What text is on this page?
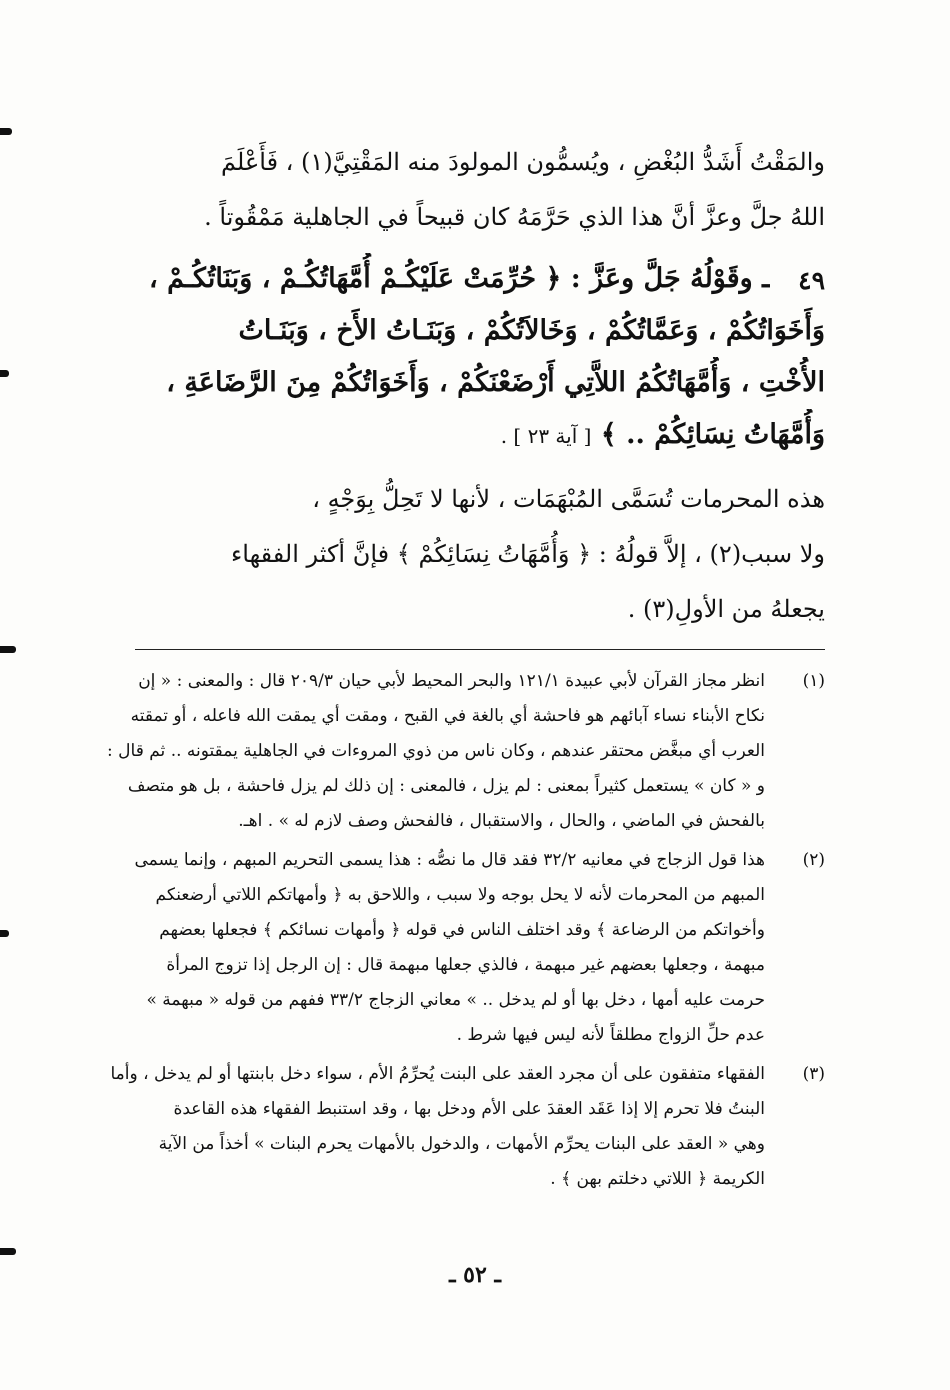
والمَقْتُ أَشَدُّ البُغْضِ ، ويُسمُّون المولودَ منه المَقْتِيَّ(١) ، فَأَعْلَمَ

اللهُ جلَّ وعزَّ أنَّ هذا الذي حَرَّمَهُ كان قبيحاً في الجاهلية مَمْقُوتاً .

٤٩

ـ وقَوْلُهُ جَلَّ وعَزَّ : ﴿ حُرِّمَتْ عَلَيْكُـمْ أُمَّهَاتُكُـمْ ، وَبَنَاتُكُـمْ ،

وَأَخَوَاتُكُمْ ، وَعَمَّاتُكُمْ ، وَخَالاَتُكُمْ ، وَبَنَـاتُ الأَخ ، وَبَنَـاتُ

الأُخْتِ ، وَأُمَّهَاتُكُمُ اللاَّتِي أَرْضَعْنَكُمْ ، وَأَخَوَاتُكُمْ مِنَ الرَّضَاعَةِ ،

وَأُمَّهَاتُ نِسَائِكُمْ .. ﴾ [ آية ٢٣ ] .

هذه المحرمات تُسَمَّى المُبْهَمَات ، لأنها لا تَحِلُّ بِوَجْهٍ ،

ولا سبب(٢) ، إلاَّ قولُهُ : ﴿ وَأُمَّهَاتُ نِسَائِكُمْ ﴾ فإنَّ أكثر الفقهاء

يجعلهُ من الأولِ(٣) .

(١)

انظر مجاز القرآن لأبي عبيدة ١٢١/١ والبحر المحيط لأبي حيان ٢٠٩/٣ قال : والمعنى : « إن

نكاح الأبناء نساء آبائهم هو فاحشة أي بالغة في القبح ، ومقت أي يمقت الله فاعله ، أو تمقته

العرب أي مبغَّض محتقر عندهم ، وكان ناس من ذوي المروءات في الجاهلية يمقتونه .. ثم قال :

و « كان » يستعمل كثيراً بمعنى : لم يزل ، فالمعنى : إن ذلك لم يزل فاحشة ، بل هو متصف

بالفحش في الماضي ، والحال ، والاستقبال ، فالفحش وصف لازم له » . اهـ.

(٢)

هذا قول الزجاج في معانيه ٣٢/٢ فقد قال ما نصُّه : هذا يسمى التحريم المبهم ، وإنما يسمى

المبهم من المحرمات لأنه لا يحل بوجه ولا سبب ، واللاحق به ﴿ وأمهاتكم اللاتي أرضعنكم

وأخواتكم من الرضاعة ﴾ وقد اختلف الناس في قوله ﴿ وأمهات نسائكم ﴾ فجعلها بعضهم

مبهمة ، وجعلها بعضهم غير مبهمة ، فالذي جعلها مبهمة قال : إن الرجل إذا تزوج المرأة

حرمت عليه أمها ، دخل بها أو لم يدخل .. » معاني الزجاج ٣٣/٢ ففهم من قوله « مبهمة »

عدم حلِّ الزواج مطلقاً لأنه ليس فيها شرط .

(٣)

الفقهاء متفقون على أن مجرد العقد على البنت يُحرِّمُ الأم ، سواء دخل بابنتها أو لم يدخل ، وأما

البنتُ فلا تحرم إلا إذا عَقَد العقدَ على الأم ودخل بها ، وقد استنبط الفقهاء هذه القاعدة

وهي « العقد على البنات يحرِّم الأمهات ، والدخول بالأمهات يحرم البنات » أخذاً من الآية

الكريمة ﴿ اللاتي دخلتم بهن ﴾ .

ـ ٥٢ ـ
